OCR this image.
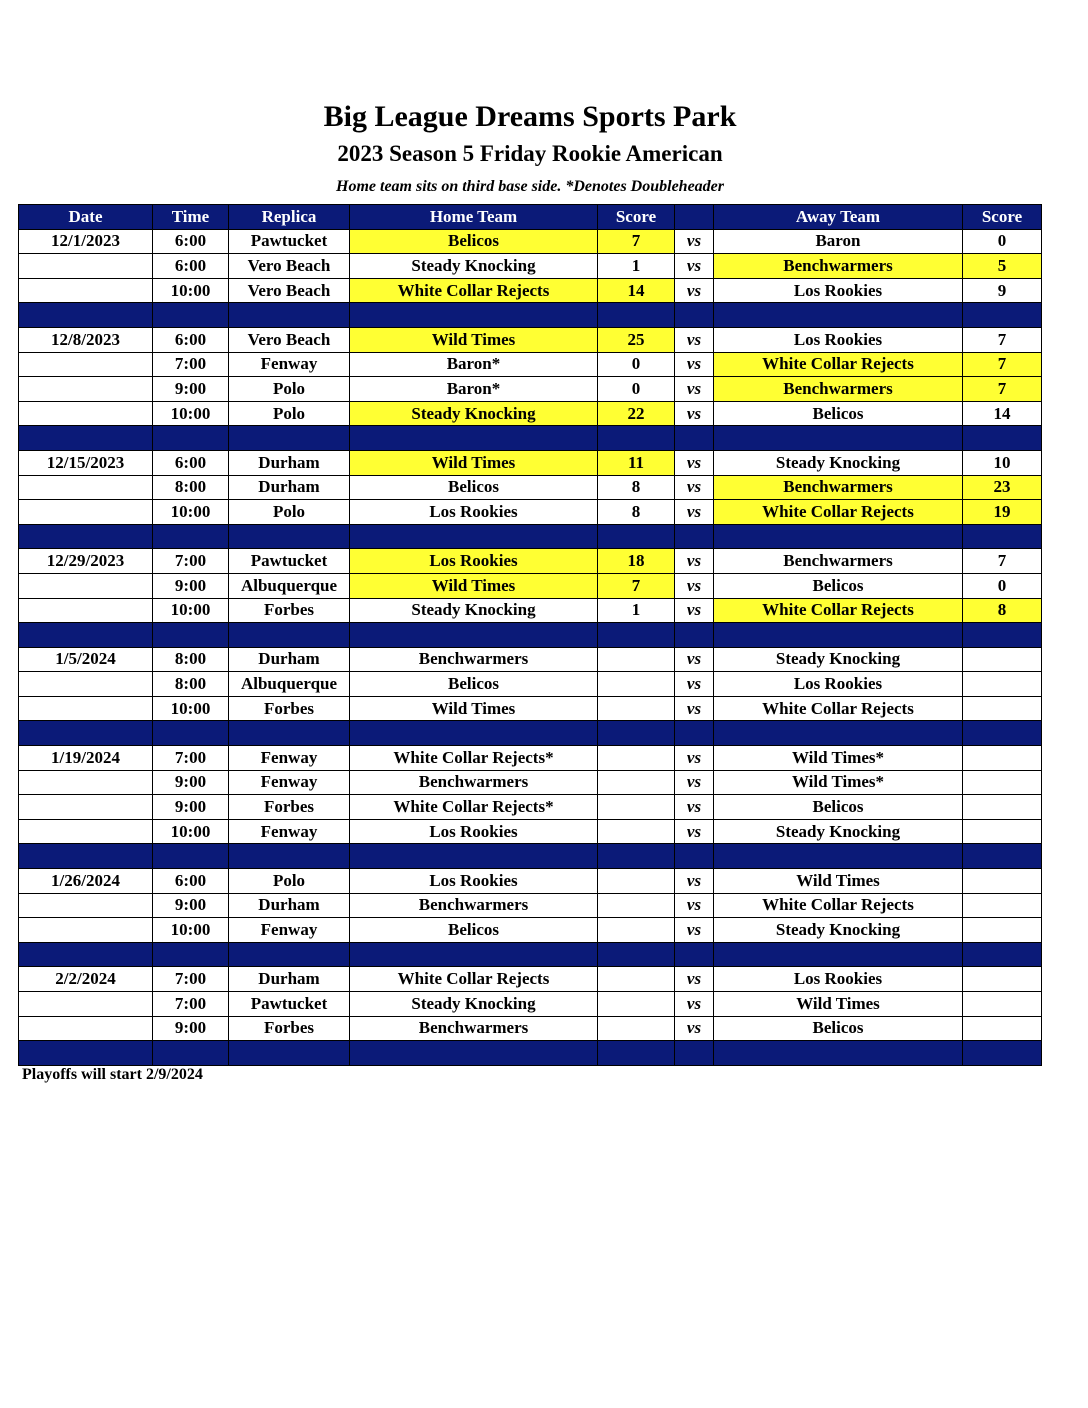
Big League Dreams Sports Park
2023 Season 5 Friday Rookie American
Home team sits on third base side. *Denotes Doubleheader
Date	Time	Replica	Home Team	Score		Away Team	Score
12/1/2023	6:00	Pawtucket	Belicos	7	vs	Baron	0
	6:00	Vero Beach	Steady Knocking	1	vs	Benchwarmers	5
	10:00	Vero Beach	White Collar Rejects	14	vs	Los Rookies	9

12/8/2023	6:00	Vero Beach	Wild Times	25	vs	Los Rookies	7
	7:00	Fenway	Baron*	0	vs	White Collar Rejects	7
	9:00	Polo	Baron*	0	vs	Benchwarmers	7
	10:00	Polo	Steady Knocking	22	vs	Belicos	14

12/15/2023	6:00	Durham	Wild Times	11	vs	Steady Knocking	10
	8:00	Durham	Belicos	8	vs	Benchwarmers	23
	10:00	Polo	Los Rookies	8	vs	White Collar Rejects	19

12/29/2023	7:00	Pawtucket	Los Rookies	18	vs	Benchwarmers	7
	9:00	Albuquerque	Wild Times	7	vs	Belicos	0
	10:00	Forbes	Steady Knocking	1	vs	White Collar Rejects	8

1/5/2024	8:00	Durham	Benchwarmers		vs	Steady Knocking	
	8:00	Albuquerque	Belicos		vs	Los Rookies	
	10:00	Forbes	Wild Times		vs	White Collar Rejects	

1/19/2024	7:00	Fenway	White Collar Rejects*		vs	Wild Times*	
	9:00	Fenway	Benchwarmers		vs	Wild Times*	
	9:00	Forbes	White Collar Rejects*		vs	Belicos	
	10:00	Fenway	Los Rookies		vs	Steady Knocking	

1/26/2024	6:00	Polo	Los Rookies		vs	Wild Times	
	9:00	Durham	Benchwarmers		vs	White Collar Rejects	
	10:00	Fenway	Belicos		vs	Steady Knocking	

2/2/2024	7:00	Durham	White Collar Rejects		vs	Los Rookies	
	7:00	Pawtucket	Steady Knocking		vs	Wild Times	
	9:00	Forbes	Benchwarmers		vs	Belicos	

Playoffs will start 2/9/2024
